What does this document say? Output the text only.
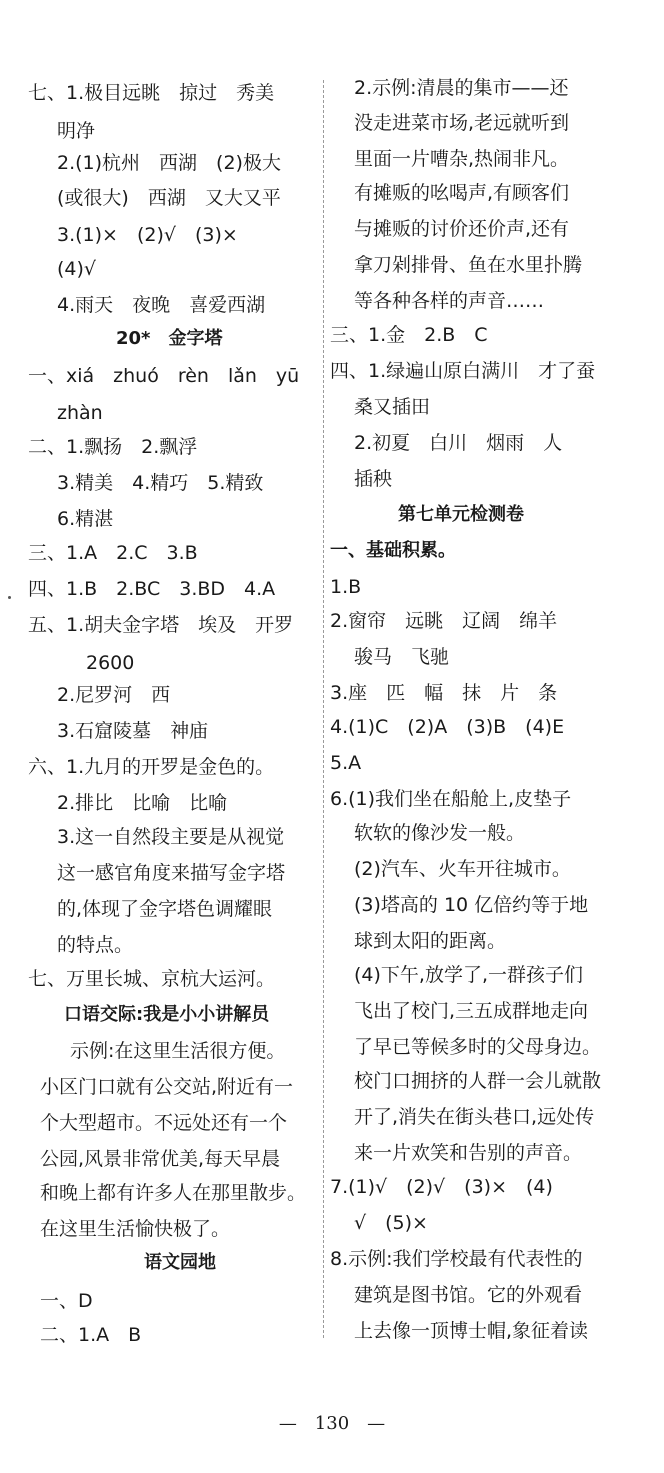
七、1.极目远眺　掠过　秀美
明净
2.(1)杭州　西湖　(2)极大
(或很大)　西湖　又大又平
3.(1)×　(2)√　(3)×
(4)√
4.雨天　夜晚　喜爱西湖
20*　金字塔
一、xiá　zhuó　rèn　lǎn　yū
zhàn
二、1.飘扬　2.飘浮
3.精美　4.精巧　5.精致
6.精湛
三、1.A　2.C　3.B
四、1.B　2.BC　3.BD　4.A
五、1.胡夫金字塔　埃及　开罗
2600
2.尼罗河　西
3.石窟陵墓　神庙
六、1.九月的开罗是金色的。
2.排比　比喻　比喻
3.这一自然段主要是从视觉
这一感官角度来描写金字塔
的,体现了金字塔色调耀眼
的特点。
七、万里长城、京杭大运河。
口语交际:我是小小讲解员
示例:在这里生活很方便。
小区门口就有公交站,附近有一
个大型超市。不远处还有一个
公园,风景非常优美,每天早晨
和晚上都有许多人在那里散步。
在这里生活愉快极了。
语文园地
一、D
二、1.A　B
2.示例:清晨的集市——还
没走进菜市场,老远就听到
里面一片嘈杂,热闹非凡。
有摊贩的吆喝声,有顾客们
与摊贩的讨价还价声,还有
拿刀剁排骨、鱼在水里扑腾
等各种各样的声音……
三、1.金　2.B　C
四、1.绿遍山原白满川　才了蚕
桑又插田
2.初夏　白川　烟雨　人
插秧
第七单元检测卷
一、基础积累。
1.B
2.窗帘　远眺　辽阔　绵羊
骏马　飞驰
3.座　匹　幅　抹　片　条
4.(1)C　(2)A　(3)B　(4)E
5.A
6.(1)我们坐在船舱上,皮垫子
软软的像沙发一般。
(2)汽车、火车开往城市。
(3)塔高的 10 亿倍约等于地
球到太阳的距离。
(4)下午,放学了,一群孩子们
飞出了校门,三五成群地走向
了早已等候多时的父母身边。
校门口拥挤的人群一会儿就散
开了,消失在街头巷口,远处传
来一片欢笑和告别的声音。
7.(1)√　(2)√　(3)×　(4)
√　(5)×
8.示例:我们学校最有代表性的
建筑是图书馆。它的外观看
上去像一顶博士帽,象征着读
—　130　—
